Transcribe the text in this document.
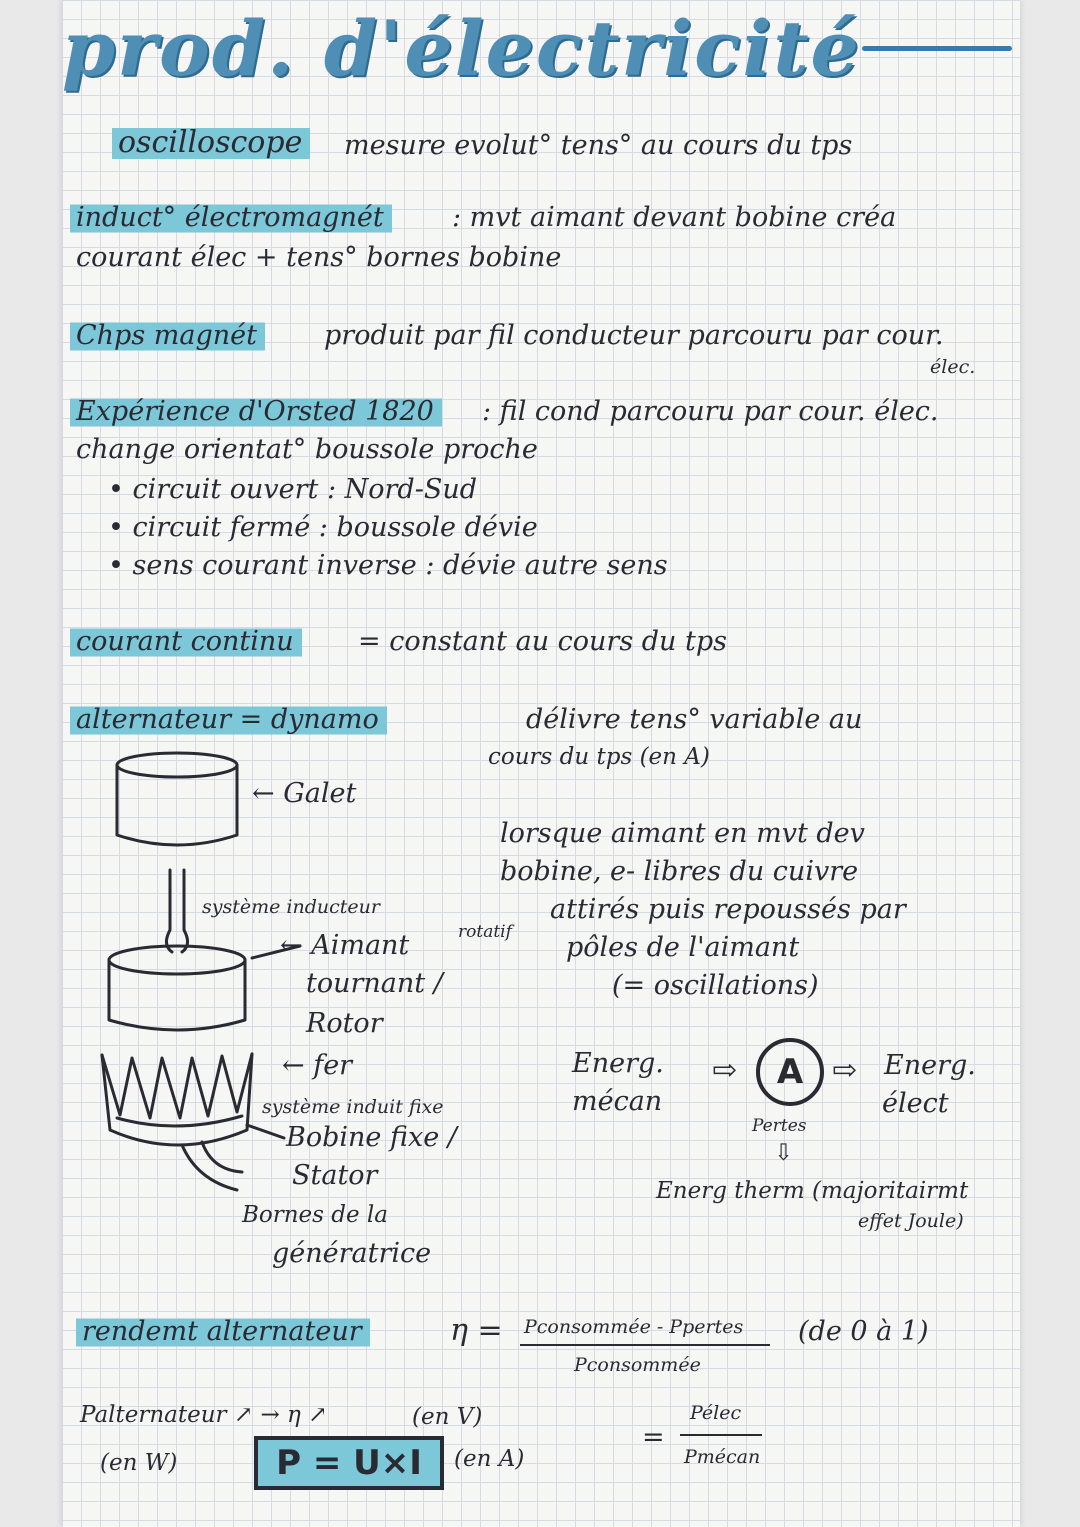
prod. d'électricité
oscilloscope mesure evolut° tens° au cours du tps
induct° électromagnét	: mvt aimant devant bobine créa
courant élec + tens° bornes bobine
Chps magnét produit par fil conducteur parcouru par cour.
élec.
Expérience d'Orsted 1820 : fil cond parcouru par cour. élec.
change orientat° boussole proche
• circuit ouvert : Nord-Sud
• circuit fermé : boussole dévie
• sens courant inverse : dévie autre sens
courant continu = constant au cours du tps
alternateur = dynamo	délivre tens° variable au
cours du tps (en A)
lorsque aimant en mvt dev
bobine, e- libres du cuivre
attirés puis repoussés par
pôles de l'aimant
(= oscillations)
← Galet
système inducteur
rotatif
← Aimant
tournant /
Rotor
← fer
système induit fixe
Bobine fixe /
Stator
Bornes de la
génératrice
Energ.
mécan
⇨	A ⇨ Energ.
élect
Pertes
⇩
Energ therm (majoritairmt
effet Joule)
rendemt alternateur	η = Pconsommée - Ppertes
Pconsommée
(de 0 à 1)
Palternateur ↗ → η ↗	(en V)
=
Pélec
Pmécan
(en W)	P = U×I	(en A)
